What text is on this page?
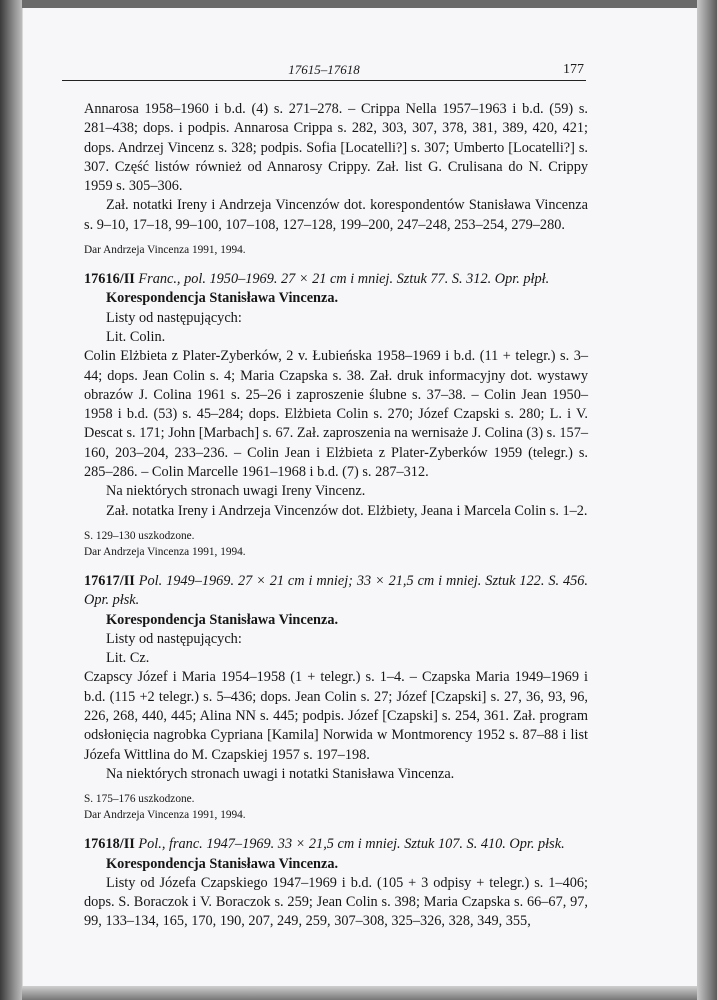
17615–17618	177

Annarosa 1958–1960 i b.d. (4) s. 271–278. – Crippa Nella 1957–1963 i b.d. (59) s. 281–438; dops. i podpis. Annarosa Crippa s. 282, 303, 307, 378, 381, 389, 420, 421; dops. Andrzej Vincenz s. 328; podpis. Sofia [Locatelli?] s. 307; Umberto [Locatelli?] s. 307. Część listów również od Annarosy Crippy. Zał. list G. Crulisana do N. Crippy 1959 s. 305–306.

Zał. notatki Ireny i Andrzeja Vincenzów dot. korespondentów Stanisława Vincenza s. 9–10, 17–18, 99–100, 107–108, 127–128, 199–200, 247–248, 253–254, 279–280.

Dar Andrzeja Vincenza 1991, 1994.

17616/II Franc., pol. 1950–1969. 27 × 21 cm i mniej. Sztuk 77. S. 312. Opr. płpł.

Korespondencja Stanisława Vincenza.

Listy od następujących:

Lit. Colin.

Colin Elżbieta z Plater-Zyberków, 2 v. Łubieńska 1958–1969 i b.d. (11 + telegr.) s. 3–44; dops. Jean Colin s. 4; Maria Czapska s. 38. Zał. druk informacyjny dot. wystawy obrazów J. Colina 1961 s. 25–26 i zaproszenie ślubne s. 37–38. – Colin Jean 1950–1958 i b.d. (53) s. 45–284; dops. Elżbieta Colin s. 270; Józef Czapski s. 280; L. i V. Descat s. 171; John [Marbach] s. 67. Zał. zaproszenia na wernisaże J. Colina (3) s. 157–160, 203–204, 233–236. – Colin Jean i Elżbieta z Plater-Zyberków 1959 (telegr.) s. 285–286. – Colin Marcelle 1961–1968 i b.d. (7) s. 287–312.

Na niektórych stronach uwagi Ireny Vincenz.

Zał. notatka Ireny i Andrzeja Vincenzów dot. Elżbiety, Jeana i Marcela Colin s. 1–2.

S. 129–130 uszkodzone.

Dar Andrzeja Vincenza 1991, 1994.

17617/II Pol. 1949–1969. 27 × 21 cm i mniej; 33 × 21,5 cm i mniej. Sztuk 122. S. 456. Opr. płsk.

Korespondencja Stanisława Vincenza.

Listy od następujących:

Lit. Cz.

Czapscy Józef i Maria 1954–1958 (1 + telegr.) s. 1–4. – Czapska Maria 1949–1969 i b.d. (115 +2 telegr.) s. 5–436; dops. Jean Colin s. 27; Józef [Czapski] s. 27, 36, 93, 96, 226, 268, 440, 445; Alina NN s. 445; podpis. Józef [Czapski] s. 254, 361. Zał. program odsłonięcia nagrobka Cypriana [Kamila] Norwida w Montmorency 1952 s. 87–88 i list Józefa Wittlina do M. Czapskiej 1957 s. 197–198.

Na niektórych stronach uwagi i notatki Stanisława Vincenza.

S. 175–176 uszkodzone.

Dar Andrzeja Vincenza 1991, 1994.

17618/II Pol., franc. 1947–1969. 33 × 21,5 cm i mniej. Sztuk 107. S. 410. Opr. płsk.

Korespondencja Stanisława Vincenza.

Listy od Józefa Czapskiego 1947–1969 i b.d. (105 + 3 odpisy + telegr.) s. 1–406; dops. S. Boraczok i V. Boraczok s. 259; Jean Colin s. 398; Maria Czapska s. 66–67, 97, 99, 133–134, 165, 170, 190, 207, 249, 259, 307–308, 325–326, 328, 349, 355,
